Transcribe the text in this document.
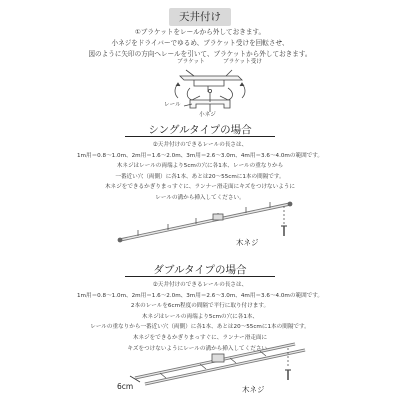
天井付け
①ブラケットをレールから外しておきます。
小ネジをドライバーでゆるめ、ブラケット受けを回転させ、
図のように矢印の方向へレールを引いて、ブラケットから外しておきます。
ブラケット	ブラケット受け
レール
小ネジ
シングルタイプの場合
②天井付けのできるレールの長さは、
1m用＝0.8〜1.0m、2m用＝1.6〜2.0m、3m用＝2.6〜3.0m、4m用＝3.6〜4.0mの範囲です。
木ネジはレールの両端より5cmの穴に各1本、レールの重なりから
一番近い穴（両側）に各1本、あとは20〜55cmに1本の間隔です。
木ネジをできるかぎりまっすぐに、ランナー滑走面にキズをつけないように
レールの溝から挿入してください。
木ネジ
ダブルタイプの場合
②天井付けのできるレールの長さは、
1m用＝0.8〜1.0m、2m用＝1.6〜2.0m、3m用＝2.6〜3.0m、4m用＝3.6〜4.0mの範囲です。
2本のレールを6cm程度の間隔で平行に取り付けます。
木ネジはレールの両端より5cmの穴に各1本、
レールの重なりから一番近い穴（両側）に各1本、あとは20〜55cmに1本の間隔です。
木ネジをできるかぎりまっすぐに、ランナー滑走面に
キズをつけないようにレールの溝から挿入してください。
6cm	木ネジ
